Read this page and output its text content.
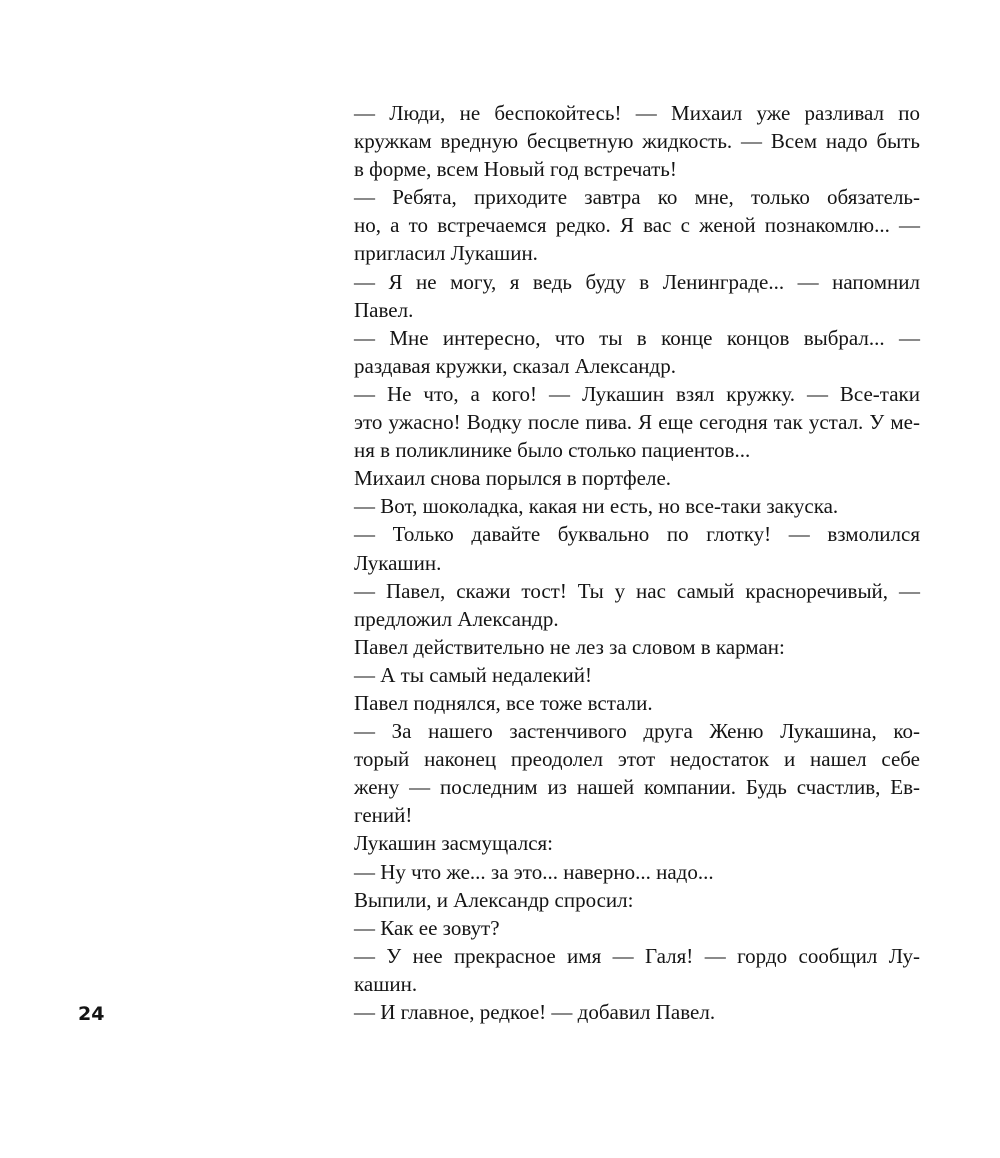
24

— Люди, не беспокойтесь! — Михаил уже разливал по
кружкам вредную бесцветную жидкость. — Всем надо быть
в форме, всем Новый год встречать!

— Ребята, приходите завтра ко мне, только обязатель-
но, а то встречаемся редко. Я вас с женой познакомлю... —
пригласил Лукашин.

— Я не могу, я ведь буду в Ленинграде... — напомнил
Павел.

— Мне интересно, что ты в конце концов выбрал... —
раздавая кружки, сказал Александр.

— Не что, а кого! — Лукашин взял кружку. — Все-таки
это ужасно! Водку после пива. Я еще сегодня так устал. У ме-
ня в поликлинике было столько пациентов...

Михаил снова порылся в портфеле.

— Вот, шоколадка, какая ни есть, но все-таки закуска.

— Только давайте буквально по глотку! — взмолился
Лукашин.

— Павел, скажи тост! Ты у нас самый красноречивый, —
предложил Александр.

Павел действительно не лез за словом в карман:

— А ты самый недалекий!

Павел поднялся, все тоже встали.

— За нашего застенчивого друга Женю Лукашина, ко-
торый наконец преодолел этот недостаток и нашел себе
жену — последним из нашей компании. Будь счастлив, Ев-
гений!

Лукашин засмущался:

— Ну что же... за это... наверно... надо...

Выпили, и Александр спросил:

— Как ее зовут?

— У нее прекрасное имя — Галя! — гордо сообщил Лу-
кашин.

— И главное, редкое! — добавил Павел.
